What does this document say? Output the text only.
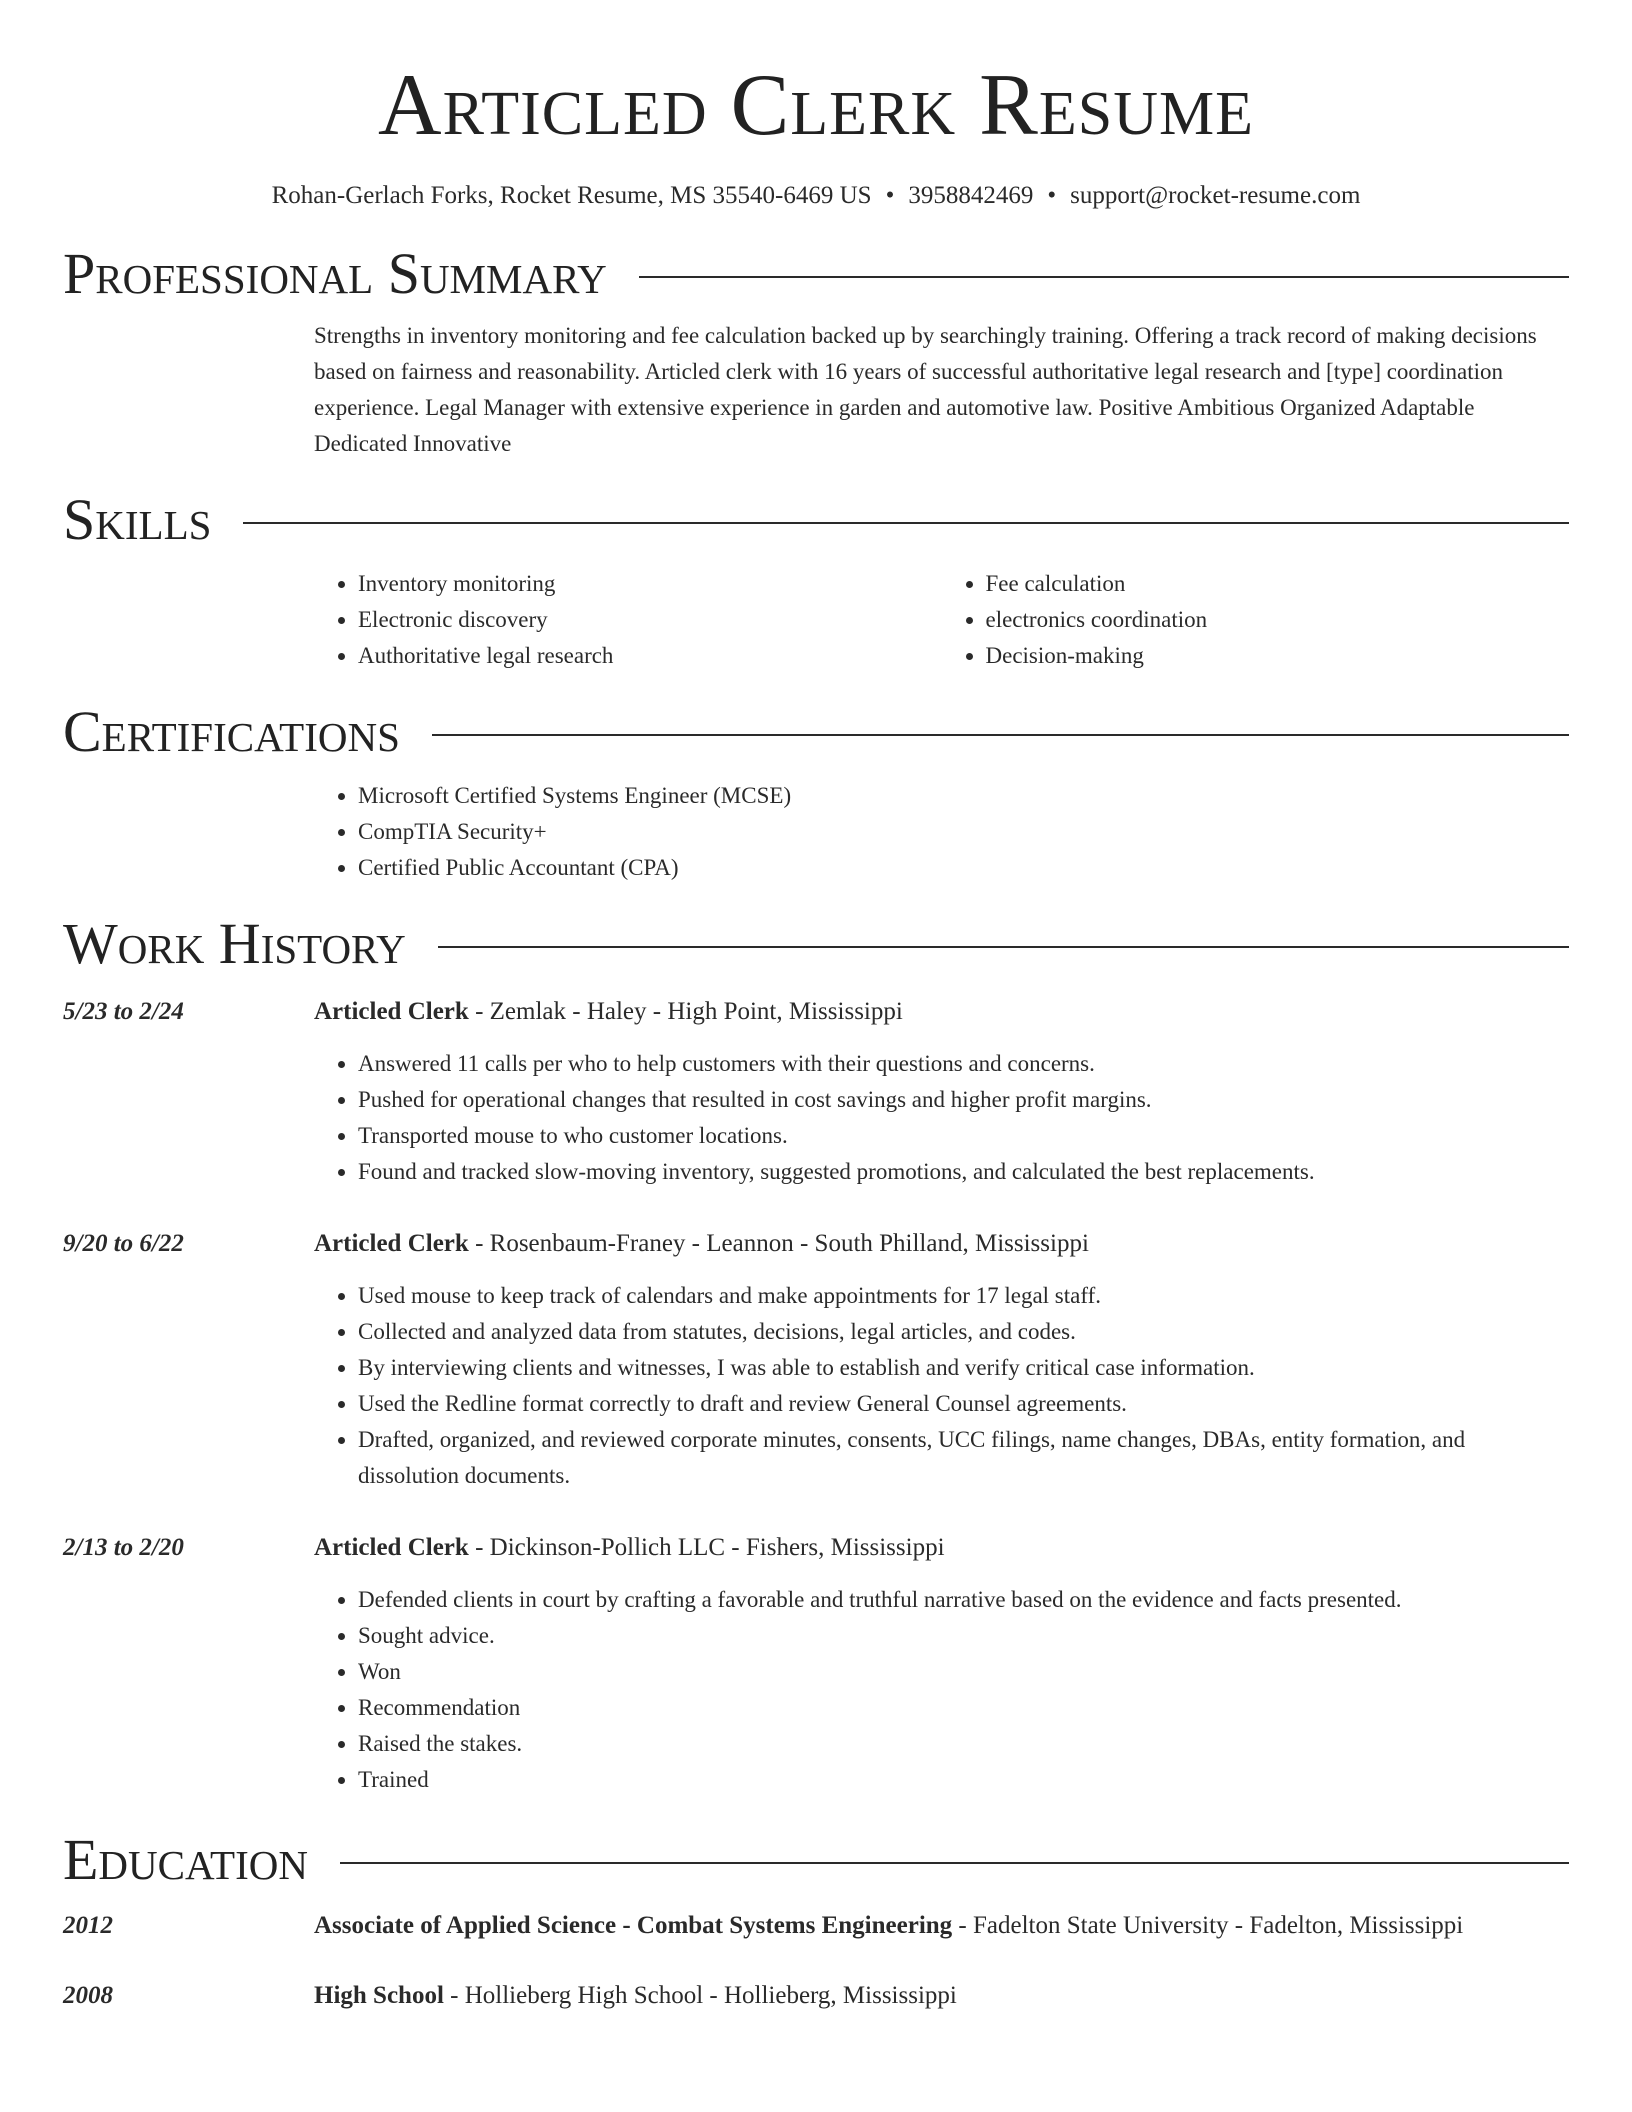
Articled Clerk Resume
Rohan-Gerlach Forks, Rocket Resume, MS 35540-6469 US • 3958842469 • support@rocket-resume.com
Professional Summary

Strengths in inventory monitoring and fee calculation backed up by searchingly training. Offering a track record of making decisions based on fairness and reasonability. Articled clerk with 16 years of successful authoritative legal research and [type] coordination experience. Legal Manager with extensive experience in garden and automotive law. Positive Ambitious Organized Adaptable Dedicated Innovative

Skills
• Inventory monitoring
• Electronic discovery
• Authoritative legal research
• Fee calculation
• electronics coordination
• Decision-making
Certifications
• Microsoft Certified Systems Engineer (MCSE)
• CompTIA Security+
• Certified Public Accountant (CPA)
Work History
5/23 to 2/24	Articled Clerk - Zemlak - Haley - High Point, Mississippi
• Answered 11 calls per who to help customers with their questions and concerns.
• Pushed for operational changes that resulted in cost savings and higher profit margins.
• Transported mouse to who customer locations.
• Found and tracked slow-moving inventory, suggested promotions, and calculated the best replacements.
9/20 to 6/22	Articled Clerk - Rosenbaum-Franey - Leannon - South Philland, Mississippi
• Used mouse to keep track of calendars and make appointments for 17 legal staff.
• Collected and analyzed data from statutes, decisions, legal articles, and codes.
• By interviewing clients and witnesses, I was able to establish and verify critical case information.
• Used the Redline format correctly to draft and review General Counsel agreements.
• Drafted, organized, and reviewed corporate minutes, consents, UCC filings, name changes, DBAs, entity formation, and dissolution documents.
2/13 to 2/20	Articled Clerk - Dickinson-Pollich LLC - Fishers, Mississippi
• Defended clients in court by crafting a favorable and truthful narrative based on the evidence and facts presented.
• Sought advice.
• Won
• Recommendation
• Raised the stakes.
• Trained
Education
2012	Associate of Applied Science - Combat Systems Engineering - Fadelton State University - Fadelton, Mississippi
2008	High School - Hollieberg High School - Hollieberg, Mississippi
